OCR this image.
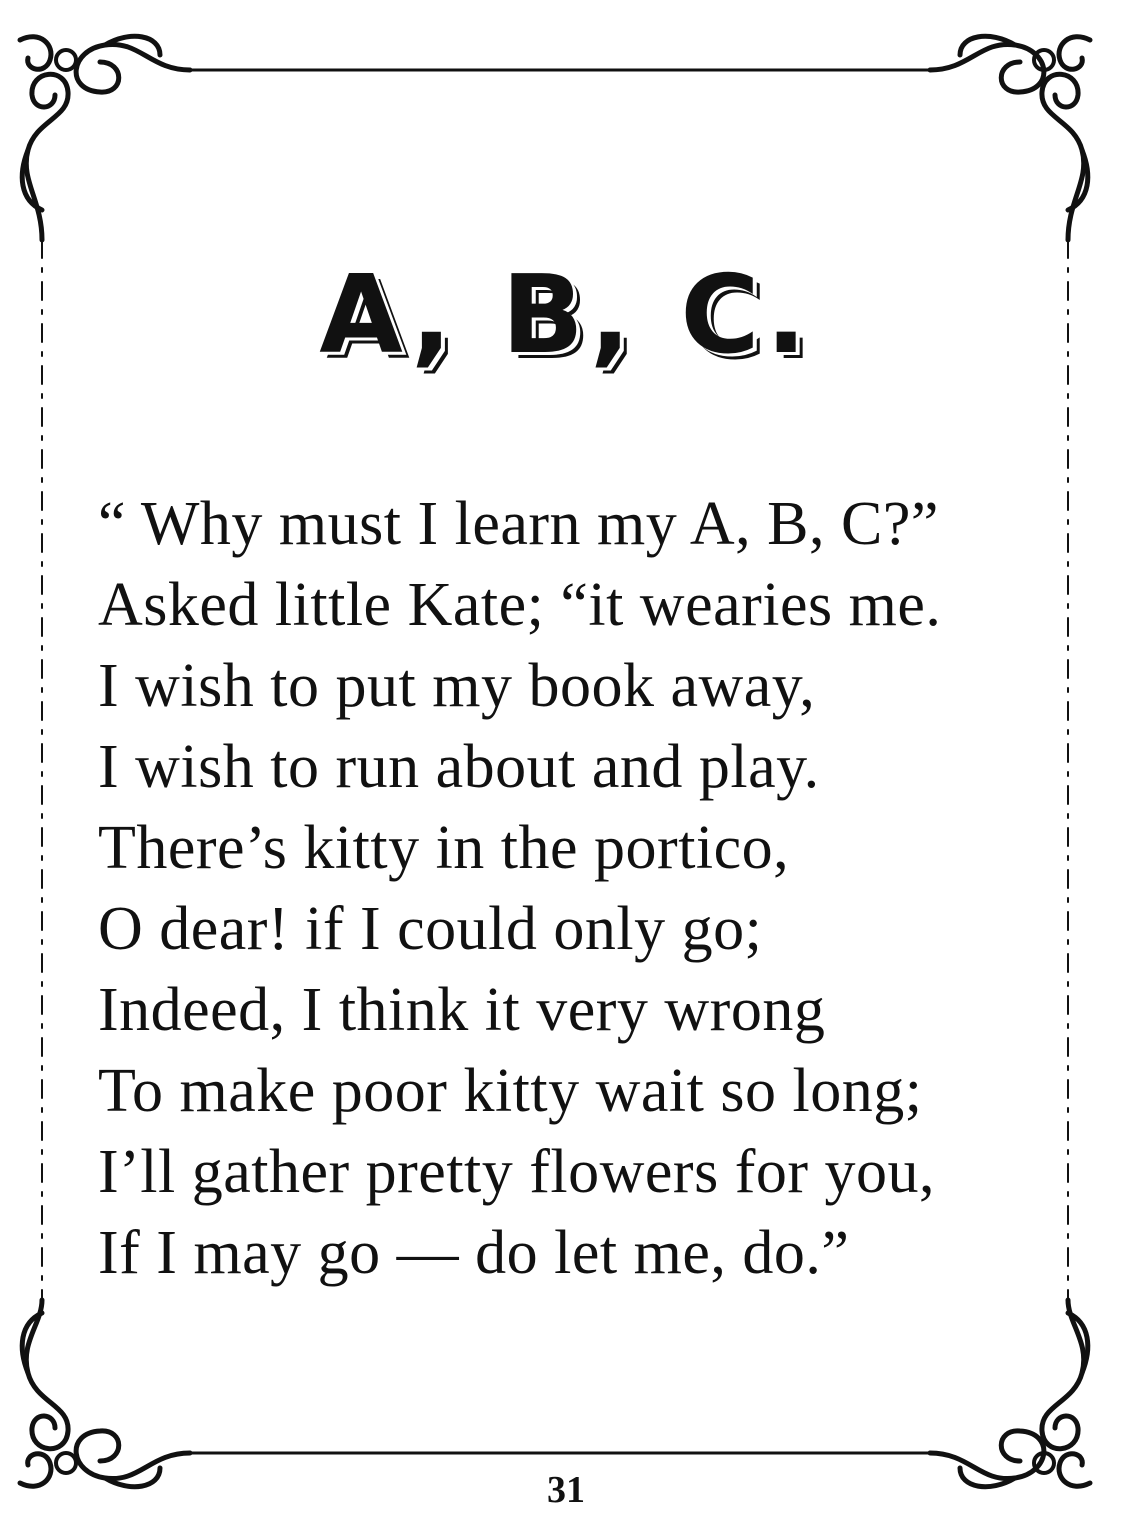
A, B, C.
“ Why must I learn my A, B, C?”
Asked little Kate; “it wearies me.
I wish to put my book away,
I wish to run about and play.
There’s kitty in the portico,
O dear! if I could only go;
Indeed, I think it very wrong
To make poor kitty wait so long;
I’ll gather pretty flowers for you,
If I may go — do let me, do.”
31
